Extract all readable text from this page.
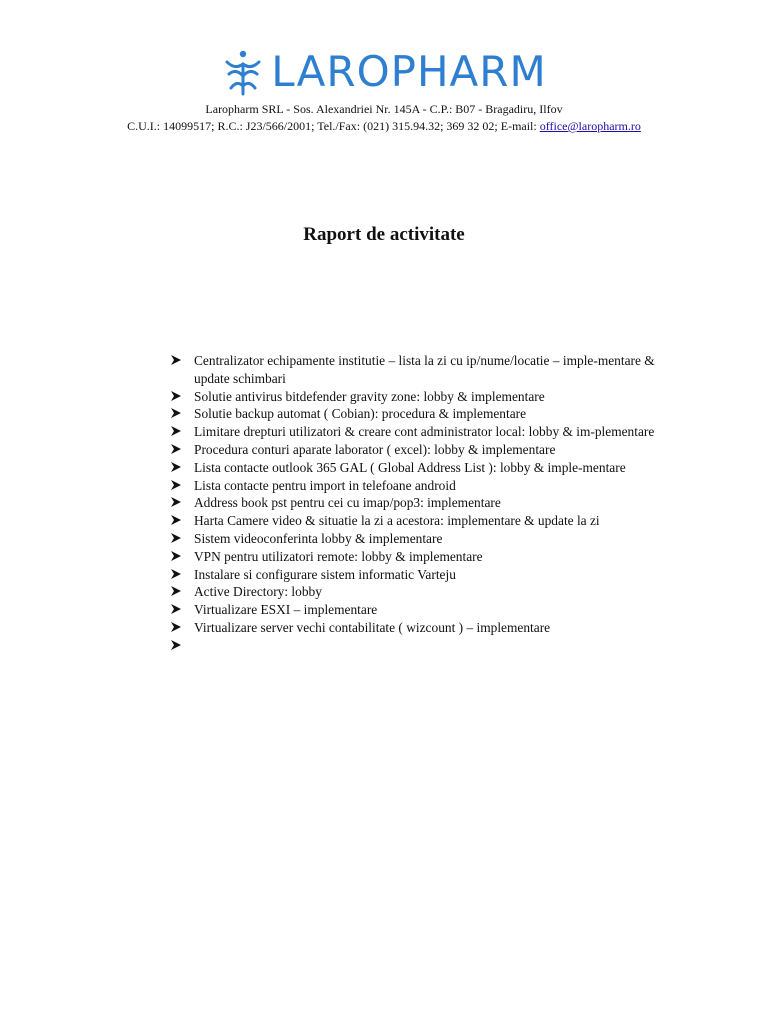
LAROPHARM
Laropharm SRL - Sos. Alexandriei Nr. 145A - C.P.: B07 - Bragadiru, Ilfov
C.U.I.: 14099517; R.C.: J23/566/2001; Tel./Fax: (021) 315.94.32; 369 32 02; E-mail: office@laropharm.ro
Raport de activitate
Centralizator echipamente institutie – lista la zi cu ip/nume/locatie – imple-mentare & update schimbari
Solutie antivirus bitdefender gravity zone: lobby & implementare
Solutie backup automat ( Cobian): procedura & implementare
Limitare drepturi utilizatori & creare cont administrator local: lobby & im-plementare
Procedura conturi aparate laborator ( excel): lobby & implementare
Lista contacte outlook 365 GAL ( Global Address List ): lobby & imple-mentare
Lista contacte pentru import in telefoane android
Address book pst pentru cei cu imap/pop3: implementare
Harta Camere video & situatie la zi a acestora: implementare & update la zi
Sistem videoconferinta lobby & implementare
VPN pentru utilizatori remote: lobby & implementare
Instalare si configurare sistem informatic Varteju
Active Directory: lobby
Virtualizare ESXI – implementare
Virtualizare server vechi contabilitate ( wizcount ) – implementare
